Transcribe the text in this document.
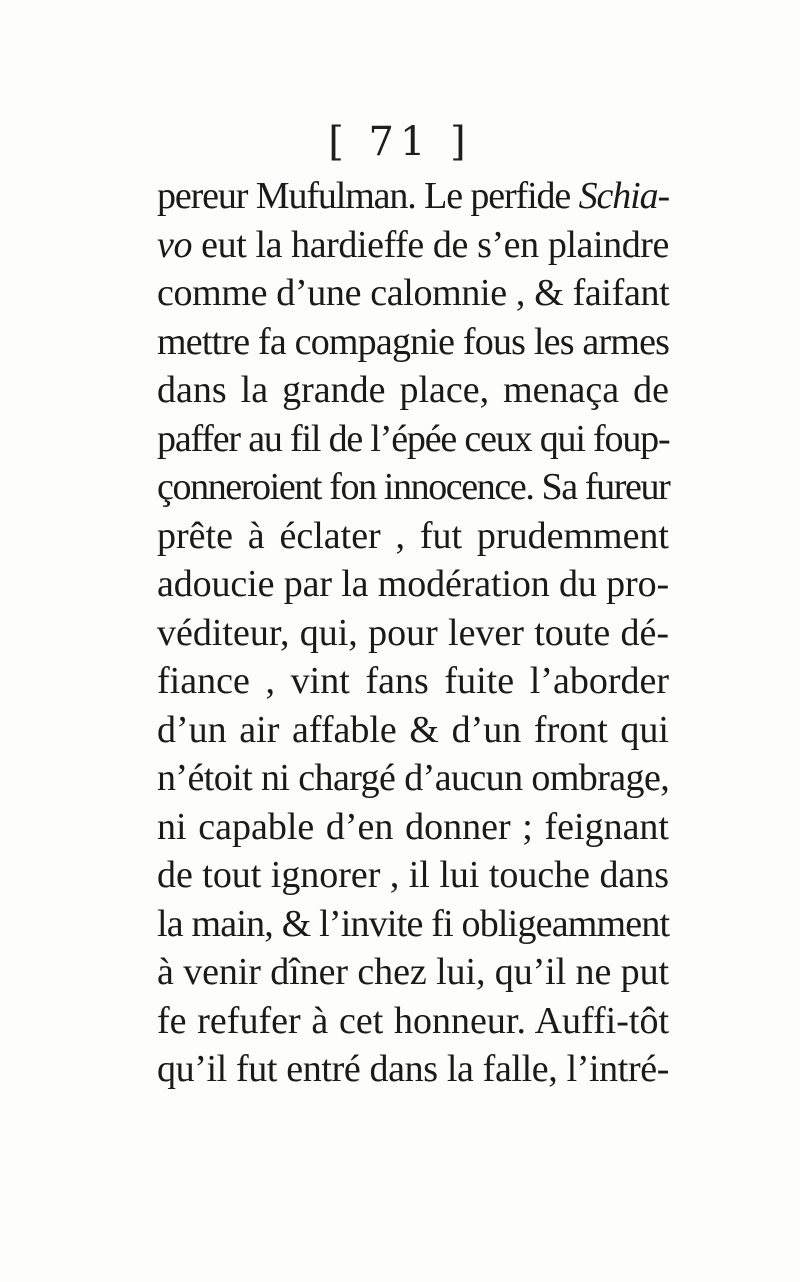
[ 71 ]
pereur Mufulman. Le perfide Schia-
vo eut la hardieffe de s’en plaindre
comme d’une calomnie , & faifant
mettre fa compagnie fous les armes
dans la grande place, menaça de
paffer au fil de l’épée ceux qui foup-
çonneroient fon innocence. Sa fureur
prête à éclater , fut prudemment
adoucie par la modération du pro-
véditeur, qui, pour lever toute dé-
fiance , vint fans fuite l’aborder
d’un air affable & d’un front qui
n’étoit ni chargé d’aucun ombrage,
ni capable d’en donner ; feignant
de tout ignorer , il lui touche dans
la main, & l’invite fi obligeamment
à venir dîner chez lui, qu’il ne put
fe refufer à cet honneur. Auffi-tôt
qu’il fut entré dans la falle, l’intré-
